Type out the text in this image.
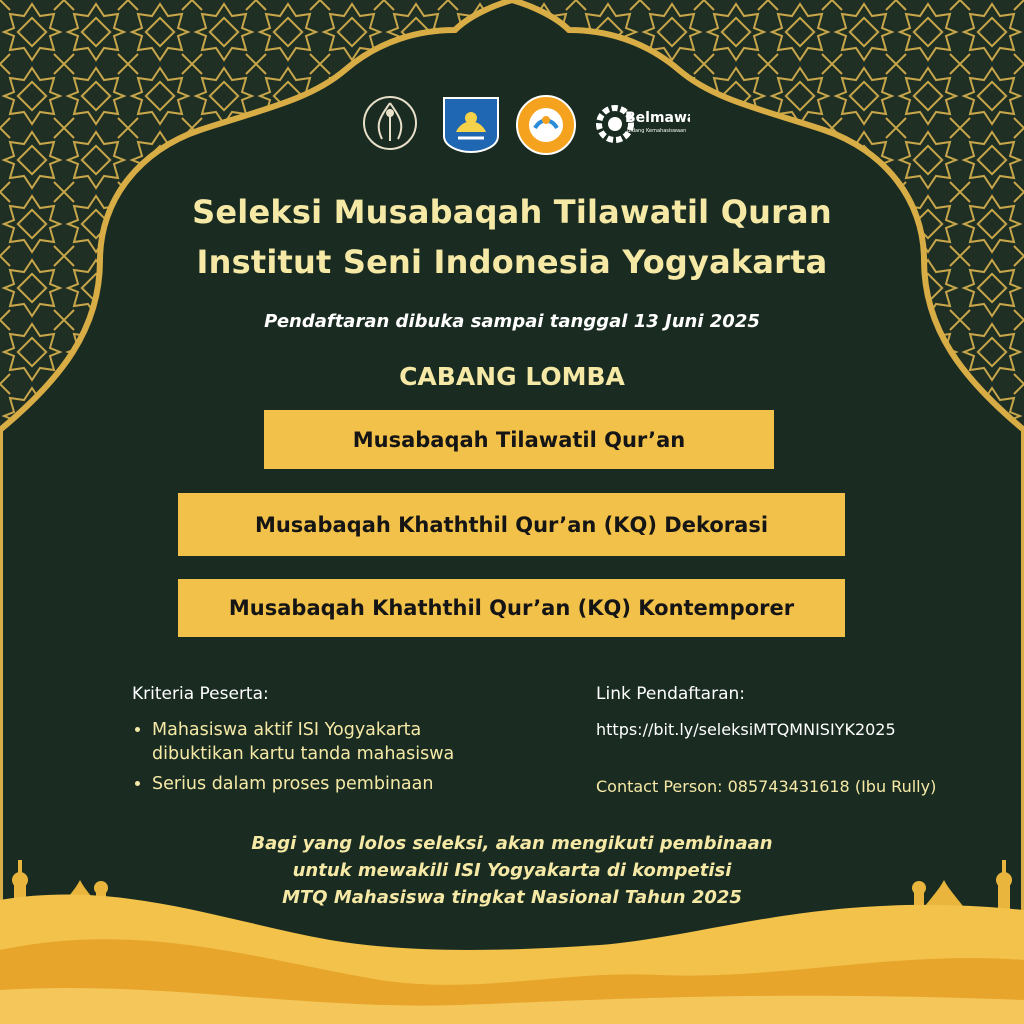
Belmawa
Bidang Kemahasiswaan
Seleksi Musabaqah Tilawatil Quran
Institut Seni Indonesia Yogyakarta
Pendaftaran dibuka sampai tanggal 13 Juni 2025
CABANG LOMBA
Musabaqah Tilawatil Qur’an
Musabaqah Khaththil Qur’an (KQ) Dekorasi
Musabaqah Khaththil Qur’an (KQ) Kontemporer
Kriteria Peserta:
• Mahasiswa aktif ISI Yogyakarta dibuktikan kartu tanda mahasiswa
• Serius dalam proses pembinaan
Link Pendaftaran:
https://bit.ly/seleksiMTQMNISIYK2025
Contact Person: 085743431618 (Ibu Rully)
Bagi yang lolos seleksi, akan mengikuti pembinaan
untuk mewakili ISI Yogyakarta di kompetisi
MTQ Mahasiswa tingkat Nasional Tahun 2025
